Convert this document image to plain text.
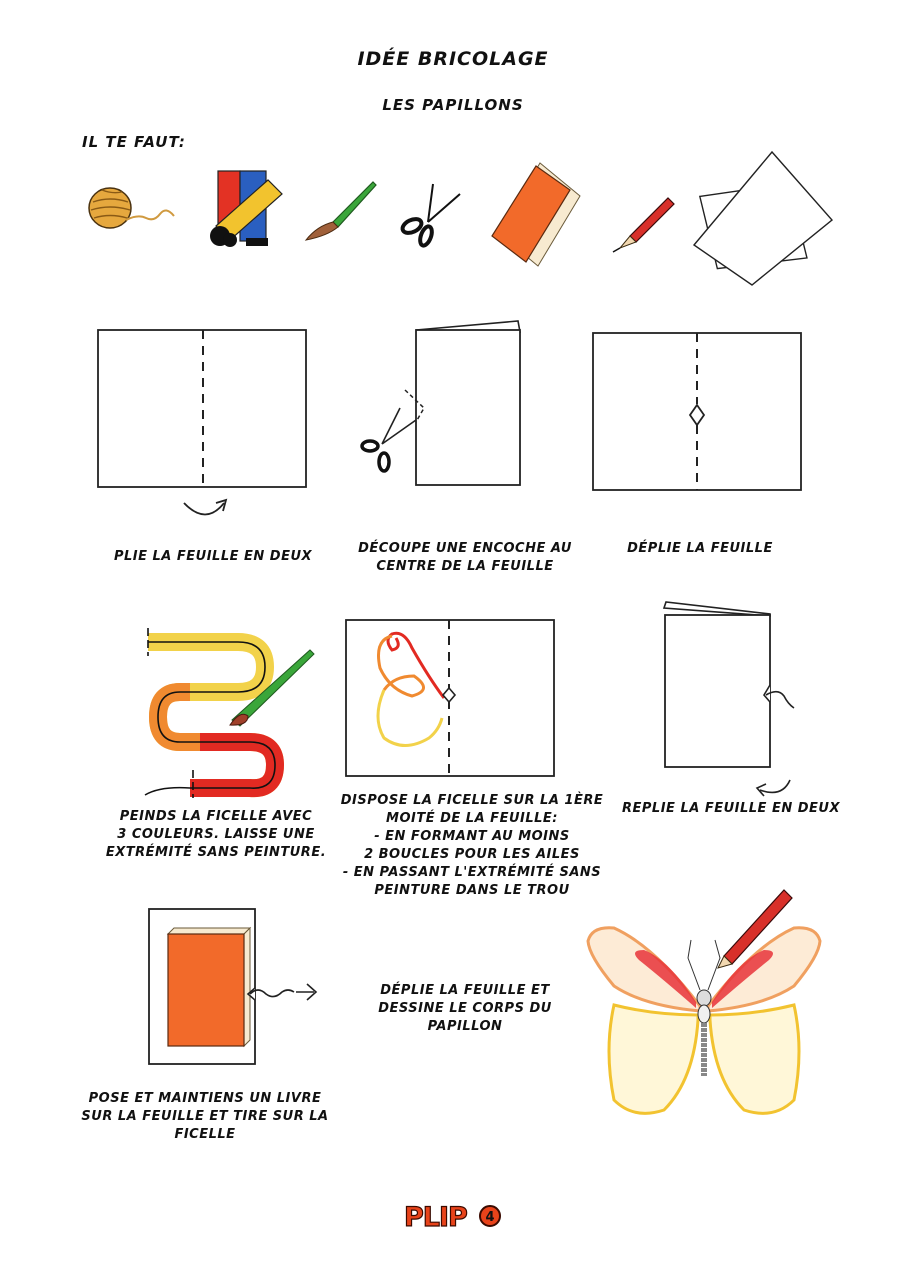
IDÉE BRICOLAGE
LES PAPILLONS
IL TE FAUT:
PLIE LA FEUILLE EN DEUX
DÉCOUPE UNE ENCOCHE AU
CENTRE DE LA FEUILLE
DÉPLIE LA FEUILLE
PEINDS LA FICELLE AVEC
3 COULEURS. LAISSE UNE
EXTRÉMITÉ SANS PEINTURE.
DISPOSE LA FICELLE SUR LA 1ÈRE
MOITÉ DE LA FEUILLE:
- EN FORMANT AU MOINS
2 BOUCLES POUR LES AILES
- EN PASSANT L'EXTRÉMITÉ SANS
PEINTURE DANS LE TROU
REPLIE LA FEUILLE EN DEUX
POSE ET MAINTIENS UN LIVRE
SUR LA FEUILLE ET TIRE SUR LA
FICELLE
DÉPLIE LA FEUILLE ET
DESSINE LE CORPS DU
PAPILLON
PLIP 4
